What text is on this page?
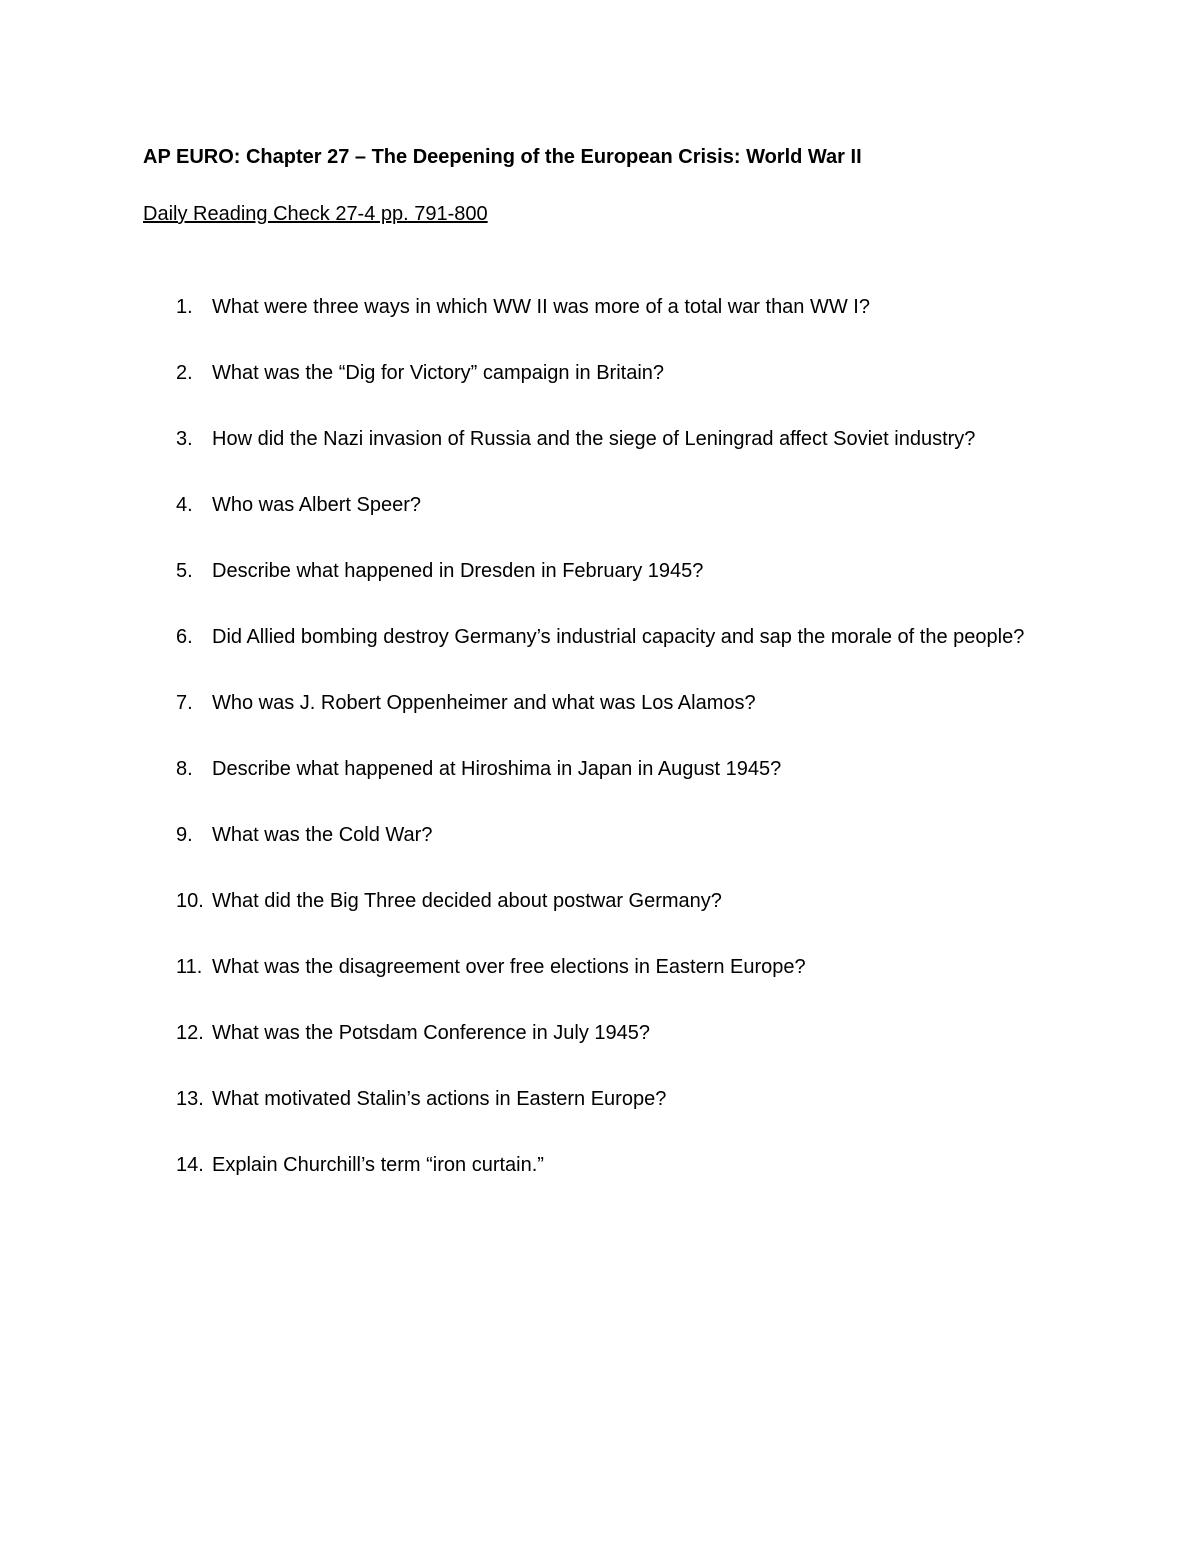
AP EURO: Chapter 27 – The Deepening of the European Crisis: World War II
Daily Reading Check 27-4 pp. 791-800
1. What were three ways in which WW II was more of a total war than WW I?
2. What was the “Dig for Victory” campaign in Britain?
3. How did the Nazi invasion of Russia and the siege of Leningrad affect Soviet industry?
4. Who was Albert Speer?
5. Describe what happened in Dresden in February 1945?
6. Did Allied bombing destroy Germany’s industrial capacity and sap the morale of the people?
7. Who was J. Robert Oppenheimer and what was Los Alamos?
8. Describe what happened at Hiroshima in Japan in August 1945?
9. What was the Cold War?
10. What did the Big Three decided about postwar Germany?
11. What was the disagreement over free elections in Eastern Europe?
12. What was the Potsdam Conference in July 1945?
13. What motivated Stalin’s actions in Eastern Europe?
14. Explain Churchill’s term “iron curtain.”
